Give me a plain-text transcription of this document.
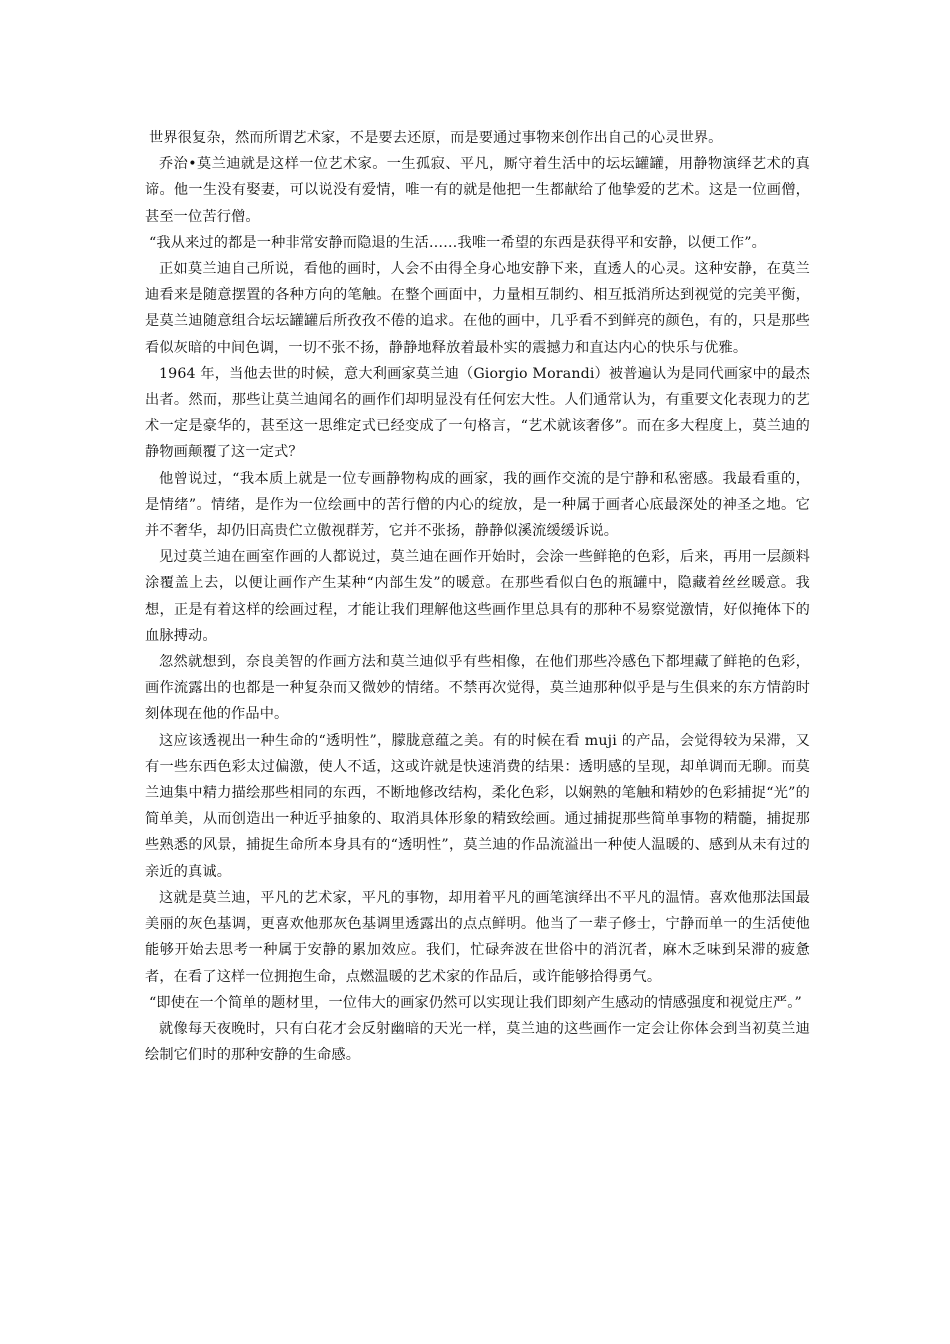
世界很复杂，然而所谓艺术家，不是要去还原，而是要通过事物来创作出自己的心灵世界。

乔治•莫兰迪就是这样一位艺术家。一生孤寂、平凡，厮守着生活中的坛坛罐罐，用静物演绎艺术的真谛。他一生没有娶妻，可以说没有爱情，唯一有的就是他把一生都献给了他挚爱的艺术。这是一位画僧，甚至一位苦行僧。

“我从来过的都是一种非常安静而隐退的生活……我唯一希望的东西是获得平和安静，以便工作”。

正如莫兰迪自己所说，看他的画时，人会不由得全身心地安静下来，直透人的心灵。这种安静，在莫兰迪看来是随意摆置的各种方向的笔触。在整个画面中，力量相互制约、相互抵消所达到视觉的完美平衡，是莫兰迪随意组合坛坛罐罐后所孜孜不倦的追求。在他的画中，几乎看不到鲜亮的颜色，有的，只是那些看似灰暗的中间色调，一切不张不扬，静静地释放着最朴实的震撼力和直达内心的快乐与优雅。

1964 年，当他去世的时候，意大利画家莫兰迪（Giorgio Morandi）被普遍认为是同代画家中的最杰出者。然而，那些让莫兰迪闻名的画作们却明显没有任何宏大性。人们通常认为，有重要文化表现力的艺术一定是豪华的，甚至这一思维定式已经变成了一句格言，“艺术就该奢侈”。而在多大程度上，莫兰迪的静物画颠覆了这一定式？

他曾说过，“我本质上就是一位专画静物构成的画家，我的画作交流的是宁静和私密感。我最看重的，是情绪”。情绪，是作为一位绘画中的苦行僧的内心的绽放，是一种属于画者心底最深处的神圣之地。它并不奢华，却仍旧高贵伫立傲视群芳，它并不张扬，静静似溪流缓缓诉说。

见过莫兰迪在画室作画的人都说过，莫兰迪在画作开始时，会涂一些鲜艳的色彩，后来，再用一层颜料涂覆盖上去，以便让画作产生某种“内部生发”的暖意。在那些看似白色的瓶罐中，隐藏着丝丝暖意。我想，正是有着这样的绘画过程，才能让我们理解他这些画作里总具有的那种不易察觉激情，好似掩体下的血脉搏动。

忽然就想到，奈良美智的作画方法和莫兰迪似乎有些相像，在他们那些冷感色下都埋藏了鲜艳的色彩，画作流露出的也都是一种复杂而又微妙的情绪。不禁再次觉得，莫兰迪那种似乎是与生俱来的东方情韵时刻体现在他的作品中。

这应该透视出一种生命的“透明性”，朦胧意蕴之美。有的时候在看 muji 的产品，会觉得较为呆滞，又有一些东西色彩太过偏激，使人不适，这或许就是快速消费的结果：透明感的呈现，却单调而无聊。而莫兰迪集中精力描绘那些相同的东西，不断地修改结构，柔化色彩，以娴熟的笔触和精妙的色彩捕捉“光”的简单美，从而创造出一种近乎抽象的、取消具体形象的精致绘画。通过捕捉那些简单事物的精髓，捕捉那些熟悉的风景，捕捉生命所本身具有的“透明性”，莫兰迪的作品流溢出一种使人温暖的、感到从未有过的亲近的真诚。

这就是莫兰迪，平凡的艺术家，平凡的事物，却用着平凡的画笔演绎出不平凡的温情。喜欢他那法国最美丽的灰色基调，更喜欢他那灰色基调里透露出的点点鲜明。他当了一辈子修士，宁静而单一的生活使他能够开始去思考一种属于安静的累加效应。我们，忙碌奔波在世俗中的消沉者，麻木乏味到呆滞的疲惫者，在看了这样一位拥抱生命，点燃温暖的艺术家的作品后，或许能够拾得勇气。

“即使在一个简单的题材里，一位伟大的画家仍然可以实现让我们即刻产生感动的情感强度和视觉庄严。”

就像每天夜晚时，只有白花才会反射幽暗的天光一样，莫兰迪的这些画作一定会让你体会到当初莫兰迪绘制它们时的那种安静的生命感。
